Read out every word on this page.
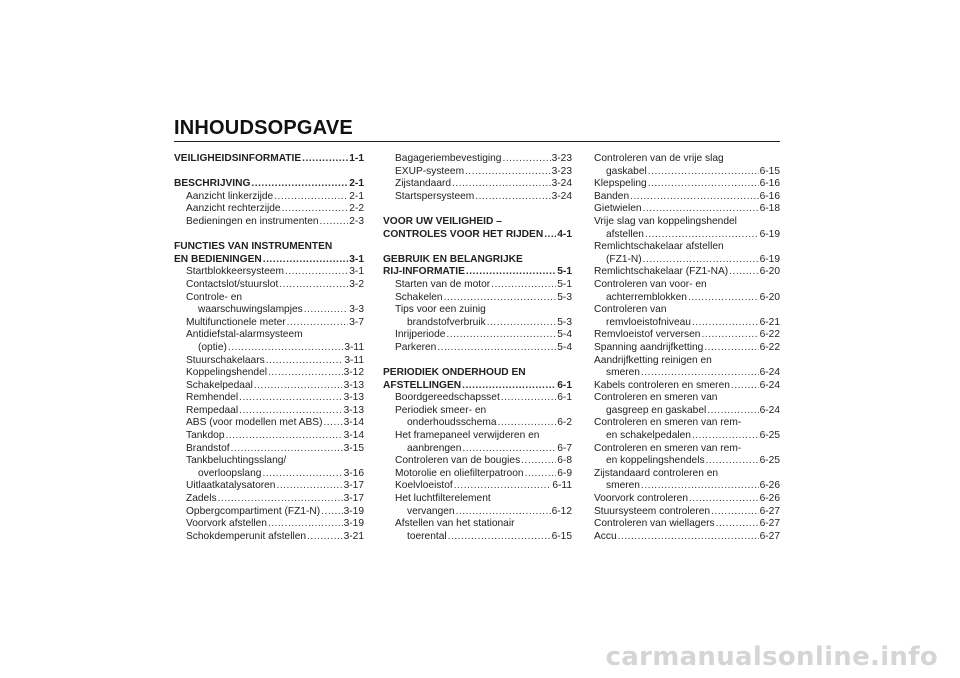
INHOUDSOPGAVE
VEILIGHEIDSINFORMATIE .....	1-1
BESCHRIJVING .....	2-1
Aanzicht linkerzijde .....	2-1
Aanzicht rechterzijde .....	2-2
Bedieningen en instrumenten .....	2-3
FUNCTIES VAN INSTRUMENTEN
EN BEDIENINGEN .....	3-1
Startblokkeersysteem .....	3-1
Contactslot/stuurslot .....	3-2
Controle- en
waarschuwingslampjes .....	3-3
Multifunctionele meter .....	3-7
Antidiefstal-alarmsysteem
(optie) .....	3-11
Stuurschakelaars .....	3-11
Koppelingshendel .....	3-12
Schakelpedaal .....	3-13
Remhendel .....	3-13
Rempedaal .....	3-13
ABS (voor modellen met ABS) ..... 3-14
Tankdop .....	3-14
Brandstof .....	3-15
Tankbeluchtingsslang/
overloopslang .....	3-16
Uitlaatkatalysatoren .....	3-17
Zadels .....	3-17
Opbergcompartiment (FZ1-N) ..... 3-19
Voorvork afstellen .....	3-19
Schokdemperunit afstellen .....	3-21
Bagageriembevestiging .....	3-23
EXUP-systeem .....	3-23
Zijstandaard .....	3-24
Startspersysteem .....	3-24
VOOR UW VEILIGHEID –
CONTROLES VOOR HET RIJDEN ..... 4-1
GEBRUIK EN BELANGRIJKE
RIJ-INFORMATIE .....	5-1
Starten van de motor .....	5-1
Schakelen .....	5-3
Tips voor een zuinig
brandstofverbruik .....	5-3
Inrijperiode .....	5-4
Parkeren .....	5-4
PERIODIEK ONDERHOUD EN
AFSTELLINGEN .....	6-1
Boordgereedschapsset .....	6-1
Periodiek smeer- en
onderhoudsschema .....	6-2
Het framepaneel verwijderen en
aanbrengen .....	6-7
Controleren van de bougies .....	6-8
Motorolie en oliefilterpatroon .....	6-9
Koelvloeistof .....	6-11
Het luchtfilterelement
vervangen .....	6-12
Afstellen van het stationair
toerental .....	6-15
Controleren van de vrije slag
gaskabel .....	6-15
Klepspeling .....	6-16
Banden .....	6-16
Gietwielen .....	6-18
Vrije slag van koppelingshendel
afstellen .....	6-19
Remlichtschakelaar afstellen
(FZ1-N) .....	6-19
Remlichtschakelaar (FZ1-NA) .....	6-20
Controleren van voor- en
achterremblokken .....	6-20
Controleren van
remvloeistofniveau .....	6-21
Remvloeistof verversen .....	6-22
Spanning aandrijfketting .....	6-22
Aandrijfketting reinigen en
smeren .....	6-24
Kabels controleren en smeren .....	6-24
Controleren en smeren van
gasgreep en gaskabel .....	6-24
Controleren en smeren van rem-
en schakelpedalen .....	6-25
Controleren en smeren van rem-
en koppelingshendels .....	6-25
Zijstandaard controleren en
smeren .....	6-26
Voorvork controleren .....	6-26
Stuursysteem controleren .....	6-27
Controleren van wiellagers .....	6-27
Accu .....	6-27
carmanualsonline.info
